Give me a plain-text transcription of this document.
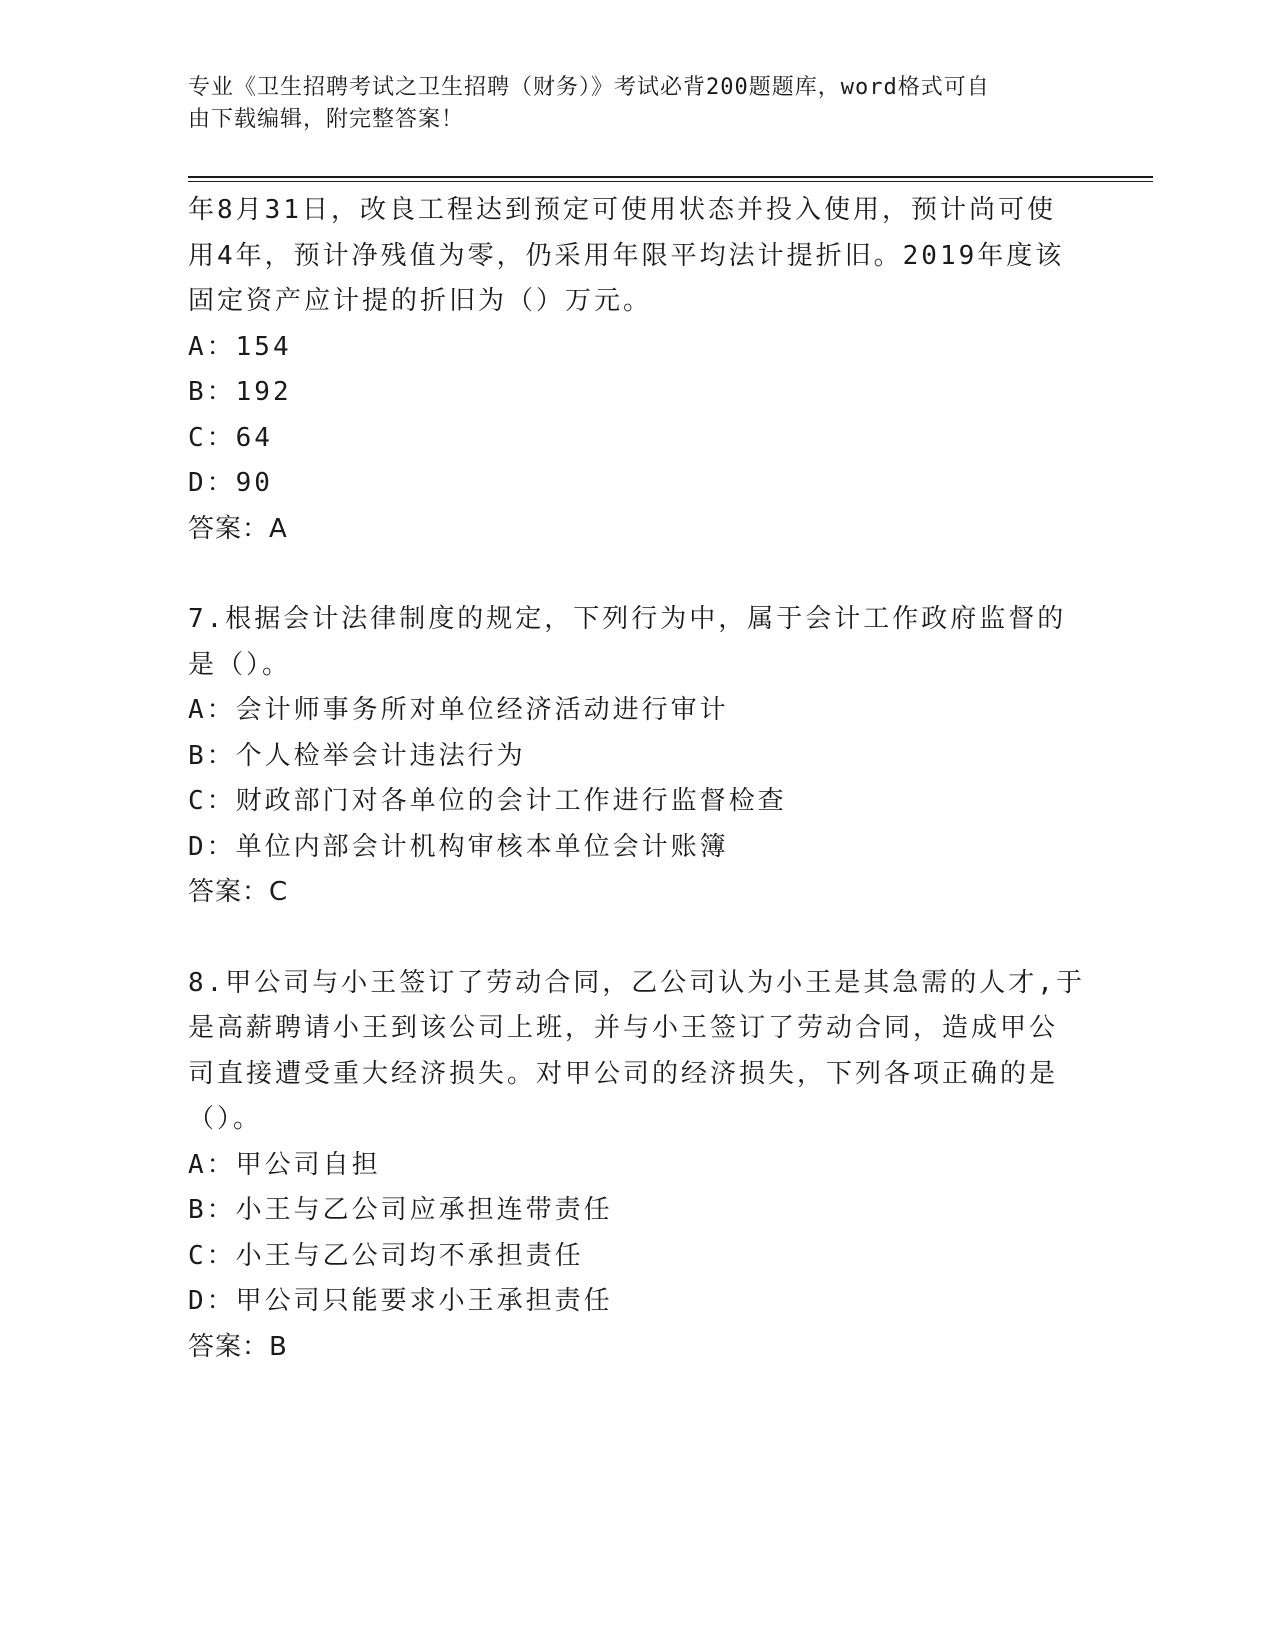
专业《卫生招聘考试之卫生招聘（财务）》考试必背200题题库，word格式可自
由下载编辑，附完整答案！

年8月31日，改良工程达到预定可使用状态并投入使用，预计尚可使

用4年，预计净残值为零，仍采用年限平均法计提折旧。2019年度该

固定资产应计提的折旧为（）万元。

A：154

B：192

C：64

D：90

答案：A

7.根据会计法律制度的规定，下列行为中，属于会计工作政府监督的

是（）。

A：会计师事务所对单位经济活动进行审计

B：个人检举会计违法行为

C：财政部门对各单位的会计工作进行监督检查

D：单位内部会计机构审核本单位会计账簿

答案：C

8.甲公司与小王签订了劳动合同，乙公司认为小王是其急需的人才,于

是高薪聘请小王到该公司上班，并与小王签订了劳动合同，造成甲公

司直接遭受重大经济损失。对甲公司的经济损失，下列各项正确的是

（）。

A：甲公司自担

B：小王与乙公司应承担连带责任

C：小王与乙公司均不承担责任

D：甲公司只能要求小王承担责任

答案：B
